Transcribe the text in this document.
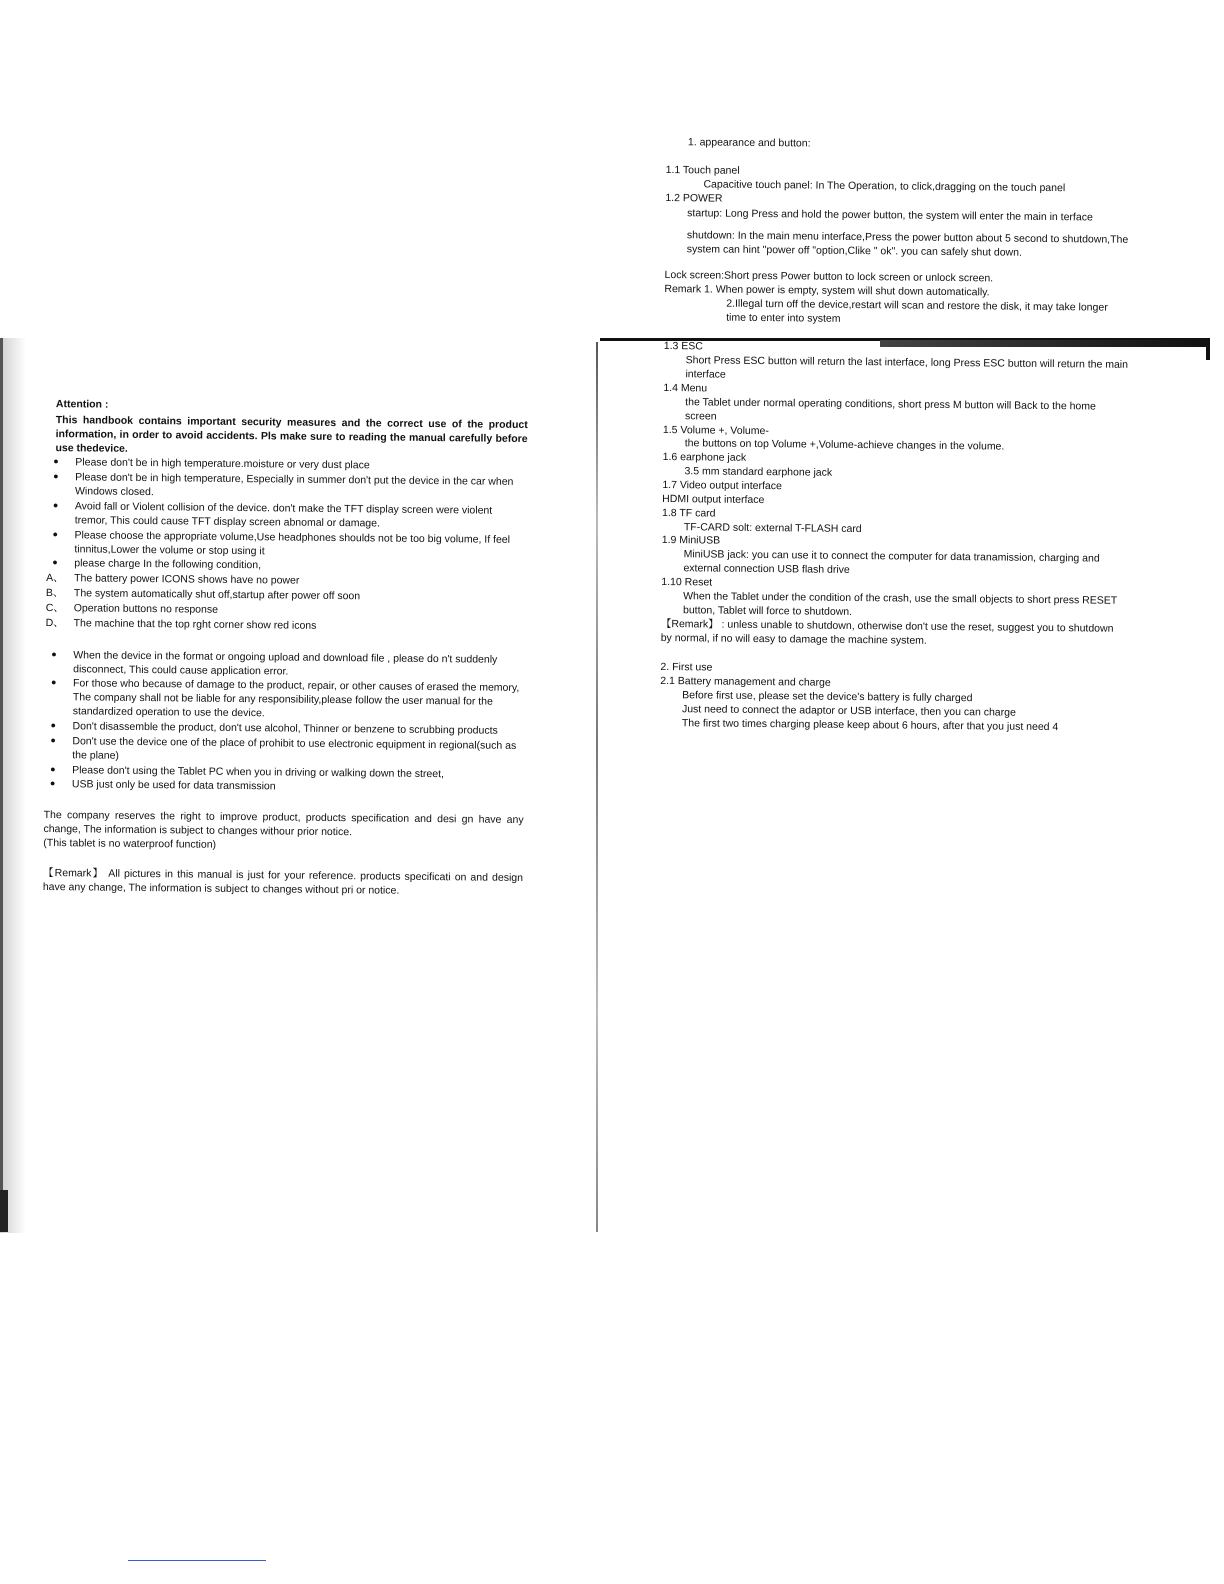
Attention :
This handbook contains important security measures and the correct use of the product information, in order to avoid accidents. Pls make sure to reading the manual carefully before use thedevice.
● Please don't be in high temperature.moisture or very dust place
● Please don't be in high temperature, Especially in summer don't put the device in the car when Windows closed.
● Avoid fall or Violent collision of the device. don't make the TFT display screen were violent tremor, This could cause TFT display screen abnomal or damage.
● Please choose the appropriate volume,Use headphones shoulds not be too big volume, If feel tinnitus,Lower the volume or stop using it
● please charge In the following condition,
A、 The battery power ICONS shows have no power
B、 The system automatically shut off,startup after power off soon
C、 Operation buttons no response
D、 The machine that the top rght corner show red icons
● When the device in the format or ongoing upload and download file , please do n't suddenly disconnect, This could cause application error.
● For those who because of damage to the product, repair, or other causes of erased the memory, The company shall not be liable for any responsibility,please follow the user manual for the standardized operation to use the device.
● Don't disassemble the product, don't use alcohol, Thinner or benzene to scrubbing products
● Don't use the device one of the place of prohibit to use electronic equipment in regional(such as the plane)
● Please don't using the Tablet PC when you in driving or walking down the street,
● USB just only be used for data transmission
The company reserves the right to improve product, products specification and desi gn have any change, The information is subject to changes withour prior notice.
(This tablet is no waterproof function)
【Remark】 All pictures in this manual is just for your reference. products specificati on and design have any change, The information is subject to changes without pri or notice.
1. appearance and button:
1.1 Touch panel
Capacitive touch panel: In The Operation, to click,dragging on the touch panel
1.2 POWER
startup: Long Press and hold the power button, the system will enter the main in terface
shutdown: In the main menu interface,Press the power button about 5 second to shutdown,The system can hint "power off "option,Clike " ok". you can safely shut down.
Lock screen:Short press Power button to lock screen or unlock screen.
Remark 1. When power is empty, system will shut down automatically.
2.Illegal turn off the device,restart will scan and restore the disk, it may take longer time to enter into system
1.3 ESC
Short Press ESC button will return the last interface, long Press ESC button will return the main interface
1.4 Menu
the Tablet under normal operating conditions, short press M button will Back to the home screen
1.5 Volume +, Volume-
the buttons on top Volume +,Volume-achieve changes in the volume.
1.6 earphone jack
3.5 mm standard earphone jack
1.7 Video output interface
HDMI output interface
1.8 TF card
TF-CARD solt: external T-FLASH card
1.9 MiniUSB
MiniUSB jack: you can use it to connect the computer for data tranamission, charging and external connection USB flash drive
1.10 Reset
When the Tablet under the condition of the crash, use the small objects to short press RESET button, Tablet will force to shutdown.
【Remark】 : unless unable to shutdown, otherwise don't use the reset, suggest you to shutdown by normal, if no will easy to damage the machine system.
2. First use
2.1 Battery management and charge
Before first use, please set the device's battery is fully charged
Just need to connect the adaptor or USB interface, then you can charge
The first two times charging please keep about 6 hours, after that you just need 4
